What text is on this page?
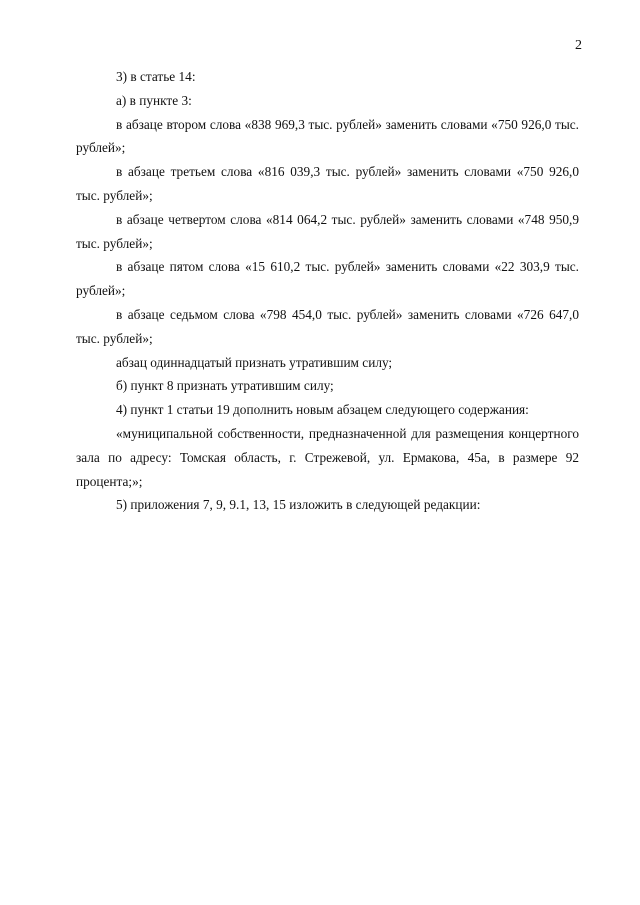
2

3) в статье 14:

а) в пункте 3:

в абзаце втором слова «838 969,3 тыс. рублей» заменить словами «750 926,0 тыс. рублей»;

в абзаце третьем слова «816 039,3 тыс. рублей» заменить словами «750 926,0 тыс. рублей»;

в абзаце четвертом слова «814 064,2 тыс. рублей» заменить словами «748 950,9 тыс. рублей»;

в абзаце пятом слова «15 610,2 тыс. рублей» заменить словами «22 303,9 тыс. рублей»;

в абзаце седьмом слова «798 454,0 тыс. рублей» заменить словами «726 647,0 тыс. рублей»;

абзац одиннадцатый признать утратившим силу;

б) пункт 8 признать утратившим силу;

4) пункт 1 статьи 19 дополнить новым абзацем следующего содержания:

«муниципальной собственности, предназначенной для размещения концертного зала по адресу: Томская область, г. Стрежевой, ул. Ермакова, 45а, в размере 92 процента;»;

5) приложения 7, 9, 9.1, 13, 15 изложить в следующей редакции:
